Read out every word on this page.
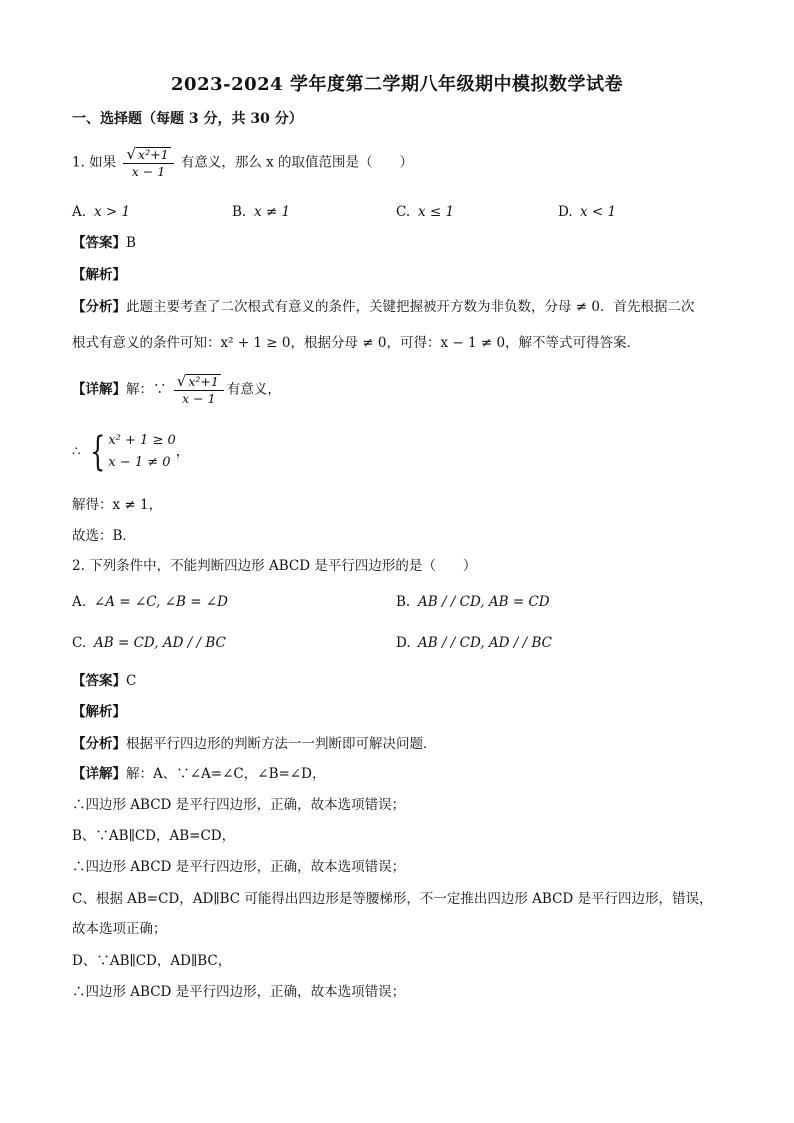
2023-2024 学年度第二学期八年级期中模拟数学试卷
一、选择题（每题 3 分，共 30 分）
1. 如果 $\frac{\text{√ x²+1}}{x - 1}$ 有意义，那么 x 的取值范围是（　　）
A. x > 1	B. x ≠ 1	C. x ≤ 1	D. x < 1
【答案】B
【解析】
【分析】此题主要考查了二次根式有意义的条件，关键把握被开方数为非负数，分母 ≠ 0．首先根据二次
根式有意义的条件可知：x² + 1 ≥ 0，根据分母 ≠ 0，可得：x − 1 ≠ 0，解不等式可得答案．
【详解】解：∵ $\frac{\text{√ x²+1}}{x - 1}$ 有意义，
∴ { x² + 1 ≥ 0
x − 1 ≠ 0
，
解得：x ≠ 1，
故选：B．
2. 下列条件中，不能判断四边形 ABCD 是平行四边形的是（　　）
A. ∠A = ∠C, ∠B = ∠D	B. AB / / CD, AB = CD
C. AB = CD, AD / / BC	D. AB / / CD, AD / / BC
【答案】C
【解析】
【分析】根据平行四边形的判断方法一一判断即可解决问题．
【详解】解：A、∵∠A=∠C，∠B=∠D，
∴四边形 ABCD 是平行四边形，正确，故本选项错误；
B、∵AB∥CD，AB=CD，
∴四边形 ABCD 是平行四边形，正确，故本选项错误；
C、根据 AB=CD，AD∥BC 可能得出四边形是等腰梯形，不一定推出四边形 ABCD 是平行四边形，错误，
故本选项正确；
D、∵AB∥CD，AD∥BC，
∴四边形 ABCD 是平行四边形，正确，故本选项错误；
